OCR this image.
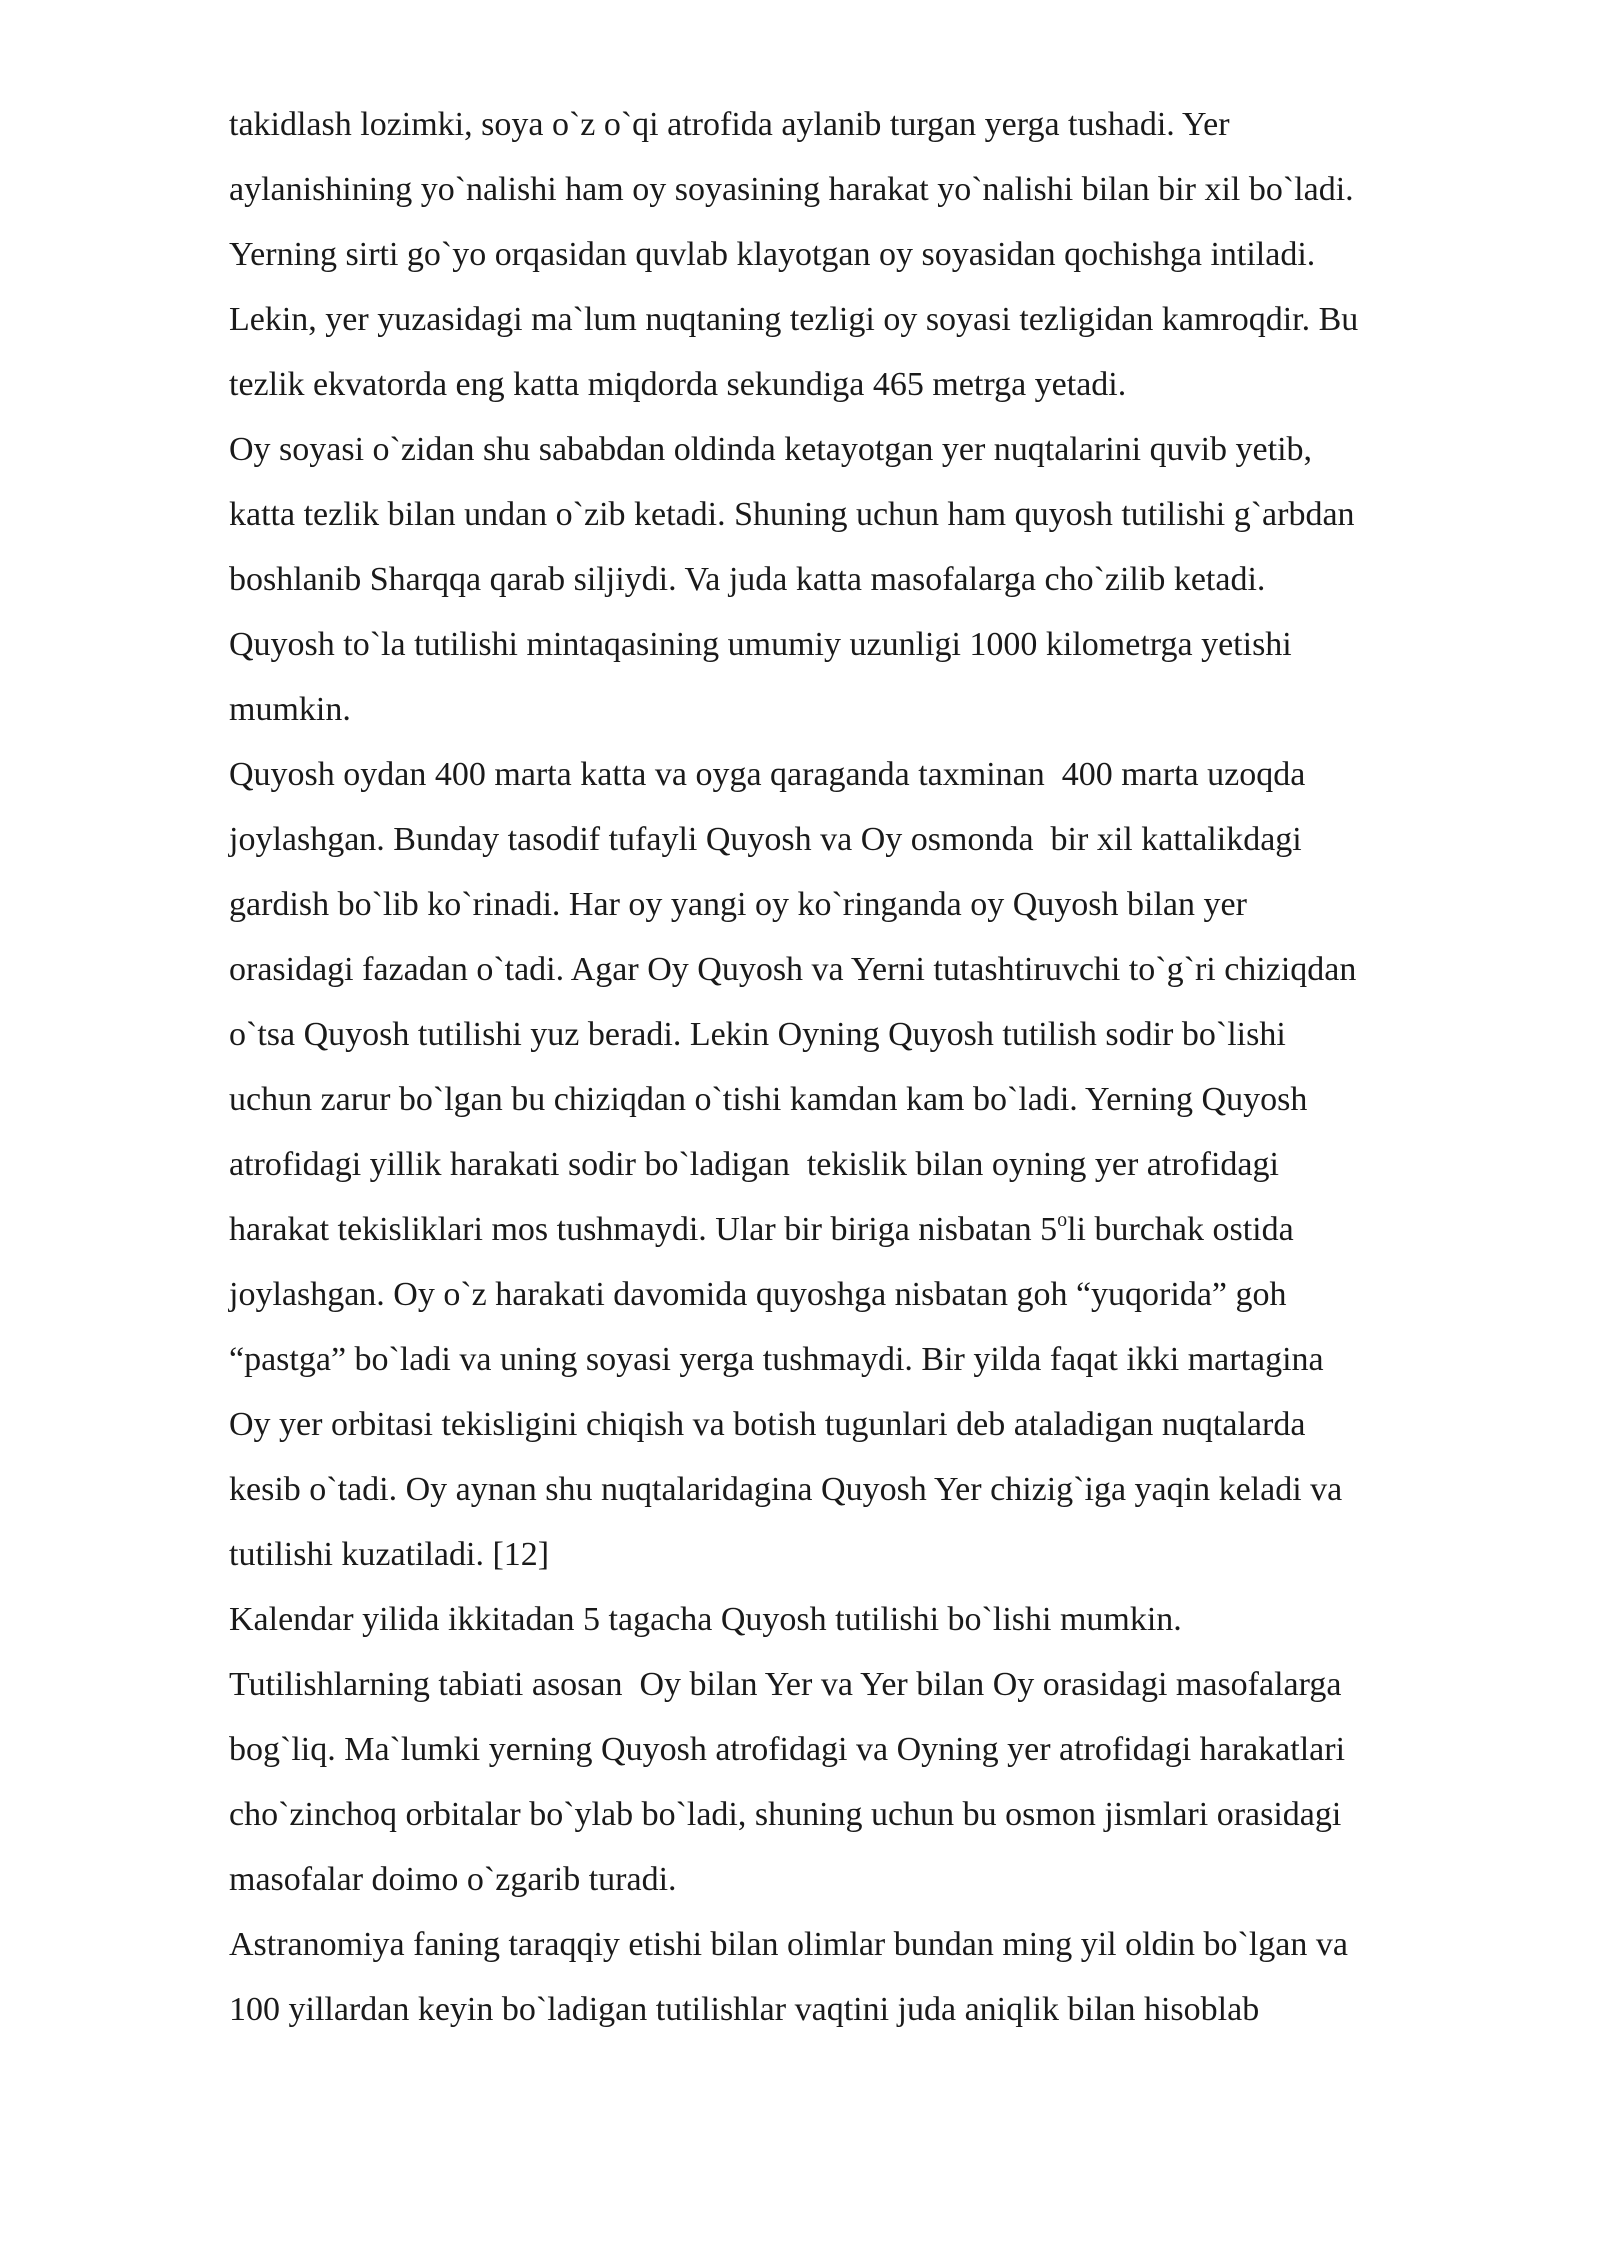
takidlash lozimki, soya o`z o`qi atrofida aylanib turgan yerga tushadi. Yer
aylanishining yo`nalishi ham oy soyasining harakat yo`nalishi bilan bir xil bo`ladi.
Yerning sirti go`yo orqasidan quvlab klayotgan oy soyasidan qochishga intiladi.
Lekin, yer yuzasidagi ma`lum nuqtaning tezligi oy soyasi tezligidan kamroqdir. Bu
tezlik ekvatorda eng katta miqdorda sekundiga 465 metrga yetadi.
Oy soyasi o`zidan shu sababdan oldinda ketayotgan yer nuqtalarini quvib yetib,
katta tezlik bilan undan o`zib ketadi. Shuning uchun ham quyosh tutilishi g`arbdan
boshlanib Sharqqa qarab siljiydi. Va juda katta masofalarga cho`zilib ketadi.
Quyosh to`la tutilishi mintaqasining umumiy uzunligi 1000 kilometrga yetishi
mumkin.
Quyosh oydan 400 marta katta va oyga qaraganda taxminan  400 marta uzoqda
joylashgan. Bunday tasodif tufayli Quyosh va Oy osmonda  bir xil kattalikdagi
gardish bo`lib ko`rinadi. Har oy yangi oy ko`ringanda oy Quyosh bilan yer
orasidagi fazadan o`tadi. Agar Oy Quyosh va Yerni tutashtiruvchi to`g`ri chiziqdan
o`tsa Quyosh tutilishi yuz beradi. Lekin Oyning Quyosh tutilish sodir bo`lishi
uchun zarur bo`lgan bu chiziqdan o`tishi kamdan kam bo`ladi. Yerning Quyosh
atrofidagi yillik harakati sodir bo`ladigan  tekislik bilan oyning yer atrofidagi
harakat tekisliklari mos tushmaydi. Ular bir biriga nisbatan 5$^o$li burchak ostida
joylashgan. Oy o`z harakati davomida quyoshga nisbatan goh “yuqorida” goh
“pastga” bo`ladi va uning soyasi yerga tushmaydi. Bir yilda faqat ikki martagina
Oy yer orbitasi tekisligini chiqish va botish tugunlari deb ataladigan nuqtalarda
kesib o`tadi. Oy aynan shu nuqtalaridagina Quyosh Yer chizig`iga yaqin keladi va
tutilishi kuzatiladi. [12]
Kalendar yilida ikkitadan 5 tagacha Quyosh tutilishi bo`lishi mumkin.
Tutilishlarning tabiati asosan  Oy bilan Yer va Yer bilan Oy orasidagi masofalarga
bog`liq. Ma`lumki yerning Quyosh atrofidagi va Oyning yer atrofidagi harakatlari
cho`zinchoq orbitalar bo`ylab bo`ladi, shuning uchun bu osmon jismlari orasidagi
masofalar doimo o`zgarib turadi.
Astranomiya faning taraqqiy etishi bilan olimlar bundan ming yil oldin bo`lgan va
100 yillardan keyin bo`ladigan tutilishlar vaqtini juda aniqlik bilan hisoblab
